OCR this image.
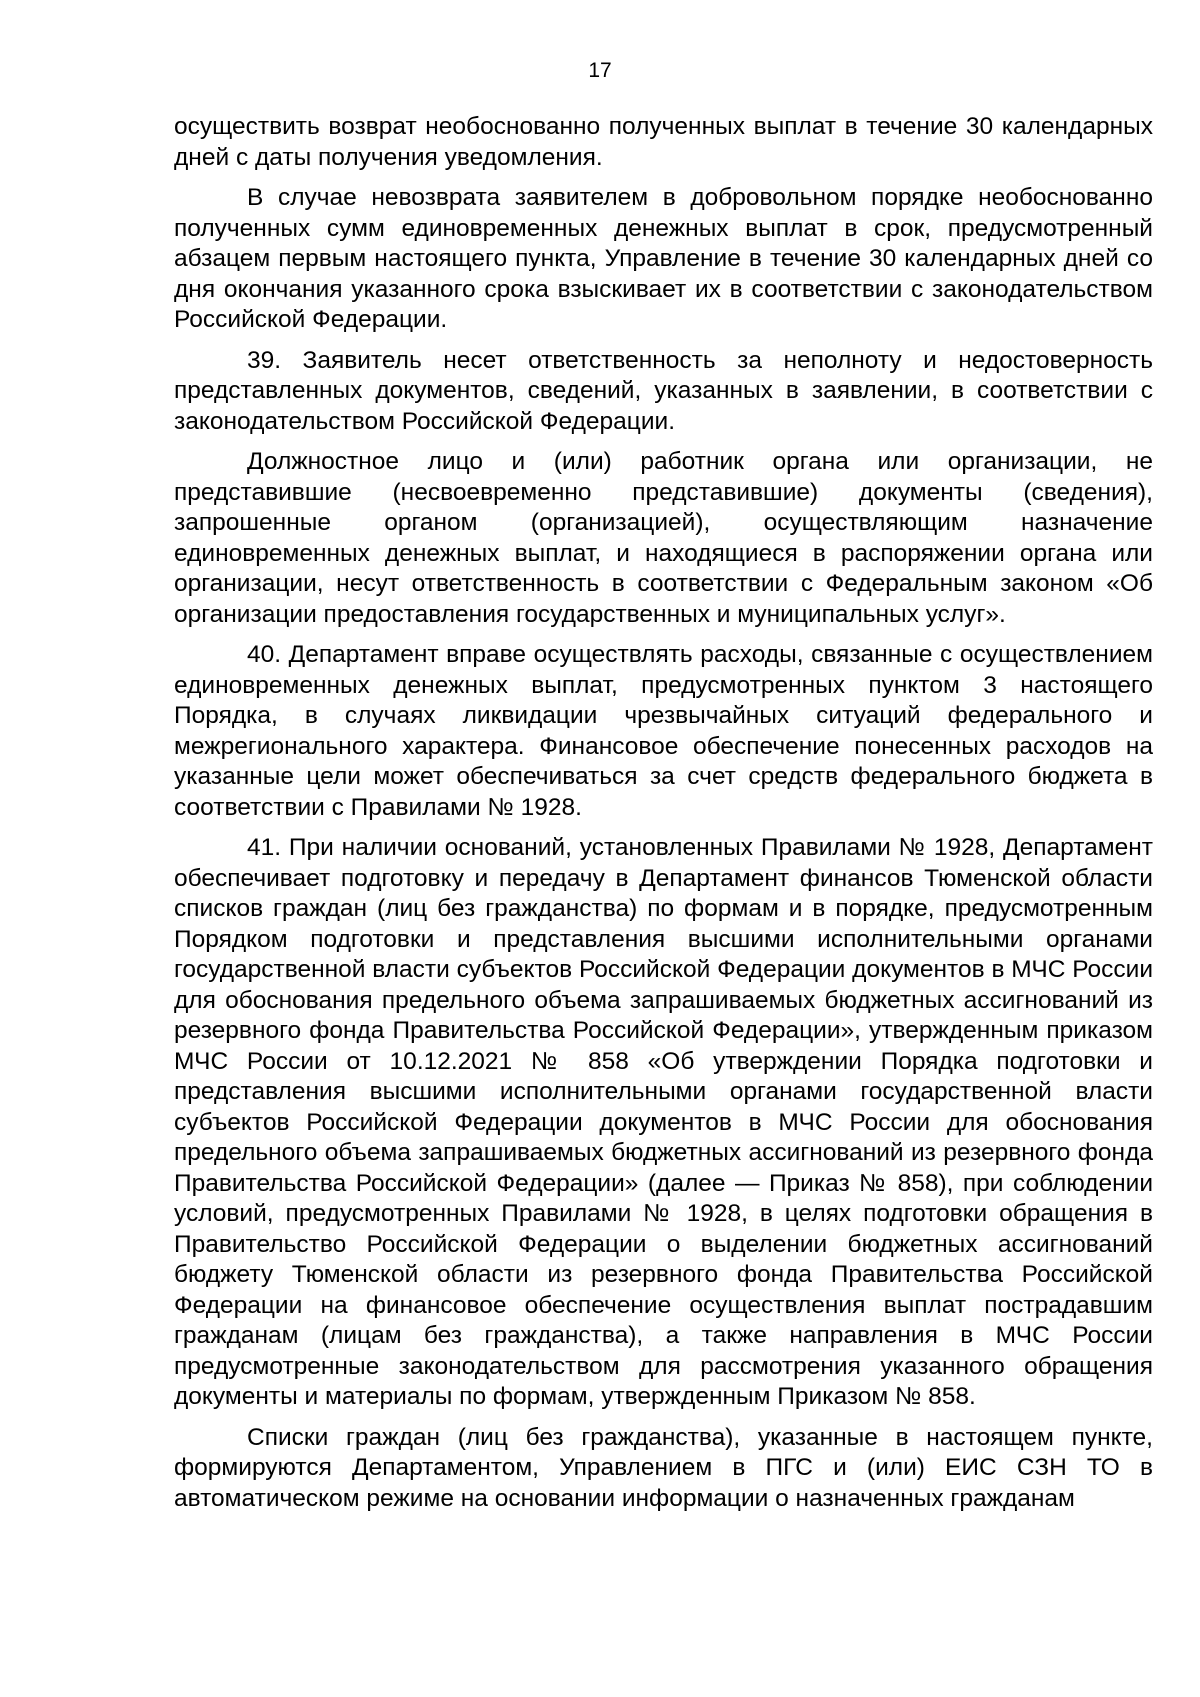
17

осуществить возврат необоснованно полученных выплат в течение 30 календарных дней с даты получения уведомления.

В случае невозврата заявителем в добровольном порядке необоснованно полученных сумм единовременных денежных выплат в срок, предусмотренный абзацем первым настоящего пункта, Управление в течение 30 календарных дней со дня окончания указанного срока взыскивает их в соответствии с законодательством Российской Федерации.

39. Заявитель несет ответственность за неполноту и недостоверность представленных документов, сведений, указанных в заявлении, в соответствии с законодательством Российской Федерации.

Должностное лицо и (или) работник органа или организации, не представившие (несвоевременно представившие) документы (сведения), запрошенные органом (организацией), осуществляющим назначение единовременных денежных выплат, и находящиеся в распоряжении органа или организации, несут ответственность в соответствии с Федеральным законом «Об организации предоставления государственных и муниципальных услуг».

40. Департамент вправе осуществлять расходы, связанные с осуществлением единовременных денежных выплат, предусмотренных пунктом 3 настоящего Порядка, в случаях ликвидации чрезвычайных ситуаций федерального и межрегионального характера. Финансовое обеспечение понесенных расходов на указанные цели может обеспечиваться за счет средств федерального бюджета в соответствии с Правилами № 1928.

41. При наличии оснований, установленных Правилами № 1928, Департамент обеспечивает подготовку и передачу в Департамент финансов Тюменской области списков граждан (лиц без гражданства) по формам и в порядке, предусмотренным Порядком подготовки и представления высшими исполнительными органами государственной власти субъектов Российской Федерации документов в МЧС России для обоснования предельного объема запрашиваемых бюджетных ассигнований из резервного фонда Правительства Российской Федерации», утвержденным приказом МЧС России от 10.12.2021 № 858 «Об утверждении Порядка подготовки и представления высшими исполнительными органами государственной власти субъектов Российской Федерации документов в МЧС России для обоснования предельного объема запрашиваемых бюджетных ассигнований из резервного фонда Правительства Российской Федерации» (далее — Приказ № 858), при соблюдении условий, предусмотренных Правилами № 1928, в целях подготовки обращения в Правительство Российской Федерации о выделении бюджетных ассигнований бюджету Тюменской области из резервного фонда Правительства Российской Федерации на финансовое обеспечение осуществления выплат пострадавшим гражданам (лицам без гражданства), а также направления в МЧС России предусмотренные законодательством для рассмотрения указанного обращения документы и материалы по формам, утвержденным Приказом № 858.

Списки граждан (лиц без гражданства), указанные в настоящем пункте, формируются Департаментом, Управлением в ПГС и (или) ЕИС СЗН ТО в автоматическом режиме на основании информации о назначенных гражданам
